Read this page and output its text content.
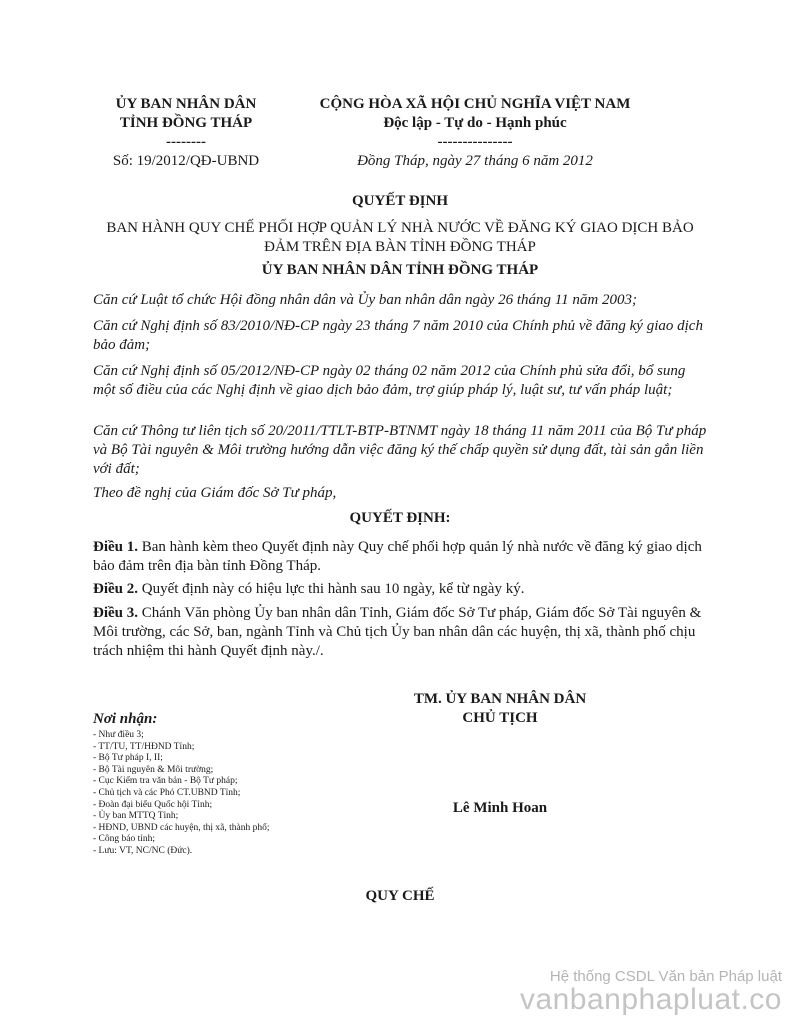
ỦY BAN NHÂN DÂN
TỈNH ĐỒNG THÁP
--------
Số: 19/2012/QĐ-UBND
CỘNG HÒA XÃ HỘI CHỦ NGHĨA VIỆT NAM
Độc lập - Tự do - Hạnh phúc
---------------
Đồng Tháp, ngày 27 tháng 6 năm 2012
QUYẾT ĐỊNH
BAN HÀNH QUY CHẾ PHỐI HỢP QUẢN LÝ NHÀ NƯỚC VỀ ĐĂNG KÝ GIAO DỊCH BẢO ĐẢM TRÊN ĐỊA BÀN TỈNH ĐỒNG THÁP
ỦY BAN NHÂN DÂN TỈNH ĐỒNG THÁP

Căn cứ Luật tổ chức Hội đồng nhân dân và Ủy ban nhân dân ngày 26 tháng 11 năm 2003;

Căn cứ Nghị định số 83/2010/NĐ-CP ngày 23 tháng 7 năm 2010 của Chính phủ về đăng ký giao dịch bảo đảm;

Căn cứ Nghị định số 05/2012/NĐ-CP ngày 02 tháng 02 năm 2012 của Chính phủ sửa đổi, bổ sung một số điều của các Nghị định về giao dịch bảo đảm, trợ giúp pháp lý, luật sư, tư vấn pháp luật;

Căn cứ Thông tư liên tịch số 20/2011/TTLT-BTP-BTNMT ngày 18 tháng 11 năm 2011 của Bộ Tư pháp và Bộ Tài nguyên & Môi trường hướng dẫn việc đăng ký thế chấp quyền sử dụng đất, tài sản gắn liền với đất;

Theo đề nghị của Giám đốc Sở Tư pháp,

QUYẾT ĐỊNH:

Điều 1. Ban hành kèm theo Quyết định này Quy chế phối hợp quản lý nhà nước về đăng ký giao dịch bảo đảm trên địa bàn tỉnh Đồng Tháp.

Điều 2. Quyết định này có hiệu lực thi hành sau 10 ngày, kể từ ngày ký.

Điều 3. Chánh Văn phòng Ủy ban nhân dân Tỉnh, Giám đốc Sở Tư pháp, Giám đốc Sở Tài nguyên & Môi trường, các Sở, ban, ngành Tỉnh và Chủ tịch Ủy ban nhân dân các huyện, thị xã, thành phố chịu trách nhiệm thi hành Quyết định này./.

TM. ỦY BAN NHÂN DÂN
CHỦ TỊCH
Lê Minh Hoan
Nơi nhận:
- Như điều 3;
- TT/TU, TT/HĐND Tỉnh;
- Bộ Tư pháp I, II;
- Bộ Tài nguyên & Môi trường;
- Cục Kiểm tra văn bản - Bộ Tư pháp;
- Chủ tịch và các Phó CT.UBND Tỉnh;
- Đoàn đại biểu Quốc hội Tỉnh;
- Ủy ban MTTQ Tỉnh;
- HĐND, UBND các huyện, thị xã, thành phố;
- Công báo tỉnh;
- Lưu: VT, NC/NC (Đức).
QUY CHẾ
Hệ thống CSDL Văn bản Pháp luật
vanbanphapluat.co
